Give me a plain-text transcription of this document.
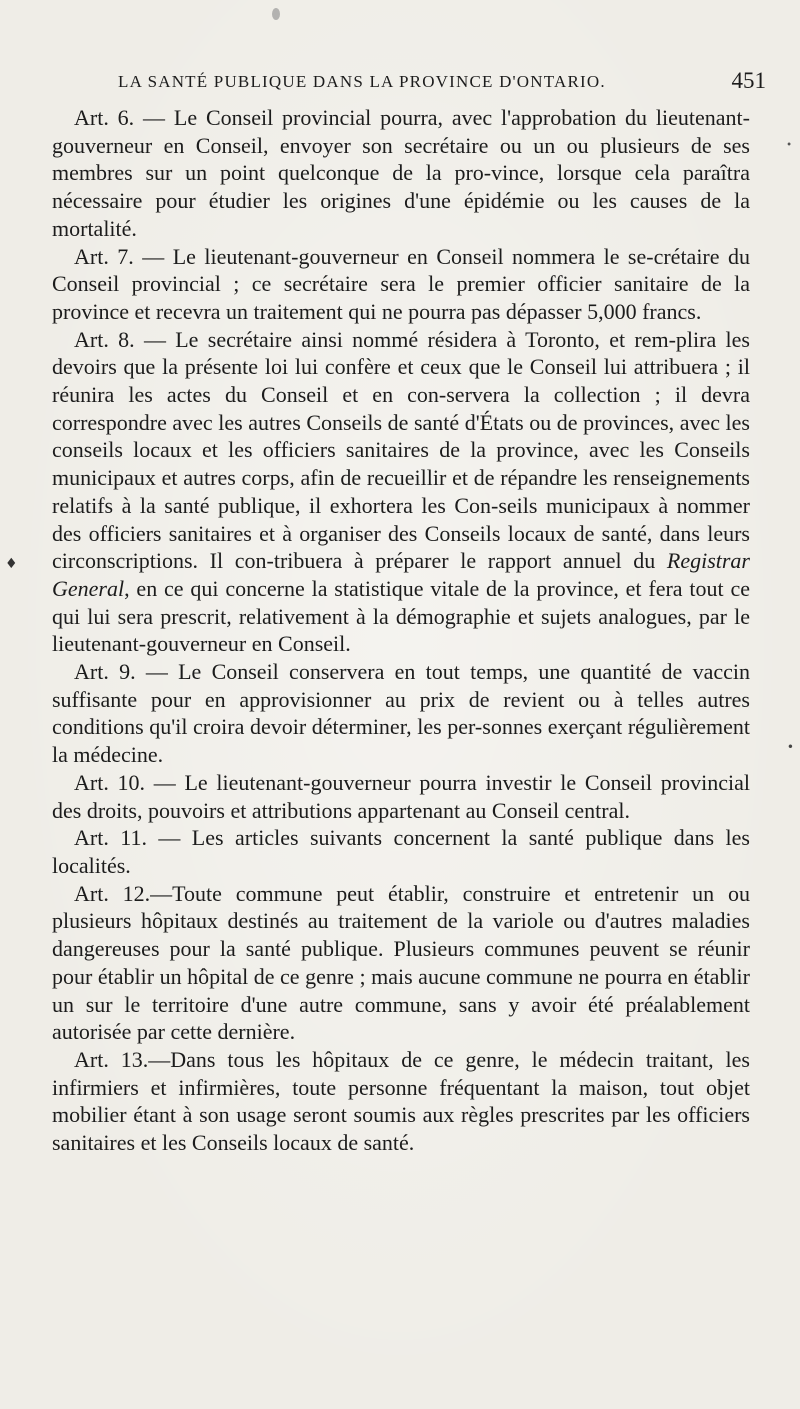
LA SANTÉ PUBLIQUE DANS LA PROVINCE D'ONTARIO.	451
♦
•
•

Art. 6. — Le Conseil provincial pourra, avec l'approbation du lieutenant-gouverneur en Conseil, envoyer son secrétaire ou un ou plusieurs de ses membres sur un point quelconque de la pro-vince, lorsque cela paraîtra nécessaire pour étudier les origines d'une épidémie ou les causes de la mortalité.

Art. 7. — Le lieutenant-gouverneur en Conseil nommera le se-crétaire du Conseil provincial ; ce secrétaire sera le premier officier sanitaire de la province et recevra un traitement qui ne pourra pas dépasser 5,000 francs.

Art. 8. — Le secrétaire ainsi nommé résidera à Toronto, et rem-plira les devoirs que la présente loi lui confère et ceux que le Conseil lui attribuera ; il réunira les actes du Conseil et en con-servera la collection ; il devra correspondre avec les autres Conseils de santé d'États ou de provinces, avec les conseils locaux et les officiers sanitaires de la province, avec les Conseils municipaux et autres corps, afin de recueillir et de répandre les renseignements relatifs à la santé publique, il exhortera les Con-seils municipaux à nommer des officiers sanitaires et à organiser des Conseils locaux de santé, dans leurs circonscriptions. Il con-tribuera à préparer le rapport annuel du Registrar General, en ce qui concerne la statistique vitale de la province, et fera tout ce qui lui sera prescrit, relativement à la démographie et sujets analogues, par le lieutenant-gouverneur en Conseil.

Art. 9. — Le Conseil conservera en tout temps, une quantité de vaccin suffisante pour en approvisionner au prix de revient ou à telles autres conditions qu'il croira devoir déterminer, les per-sonnes exerçant régulièrement la médecine.

Art. 10. — Le lieutenant-gouverneur pourra investir le Conseil provincial des droits, pouvoirs et attributions appartenant au Conseil central.

Art. 11. — Les articles suivants concernent la santé publique dans les localités.

Art. 12.—Toute commune peut établir, construire et entretenir un ou plusieurs hôpitaux destinés au traitement de la variole ou d'autres maladies dangereuses pour la santé publique. Plusieurs communes peuvent se réunir pour établir un hôpital de ce genre ; mais aucune commune ne pourra en établir un sur le territoire d'une autre commune, sans y avoir été préalablement autorisée par cette dernière.

Art. 13.—Dans tous les hôpitaux de ce genre, le médecin traitant, les infirmiers et infirmières, toute personne fréquentant la maison, tout objet mobilier étant à son usage seront soumis aux règles prescrites par les officiers sanitaires et les Conseils locaux de santé.
